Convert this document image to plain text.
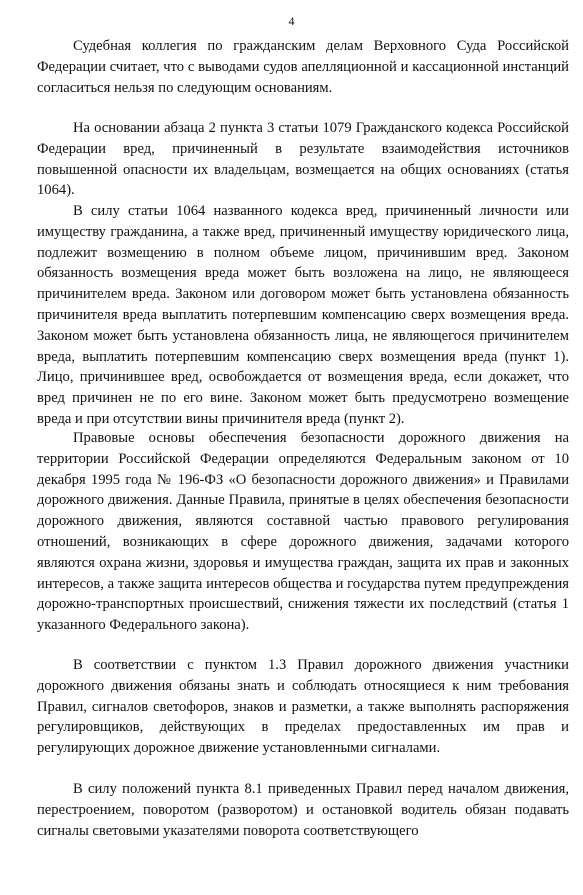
4

Судебная коллегия по гражданским делам Верховного Суда Российской Федерации считает, что с выводами судов апелляционной и кассационной инстанций согласиться нельзя по следующим основаниям.

На основании абзаца 2 пункта 3 статьи 1079 Гражданского кодекса Российской Федерации вред, причиненный в результате взаимодействия источников повышенной опасности их владельцам, возмещается на общих основаниях (статья 1064).

В силу статьи 1064 названного кодекса вред, причиненный личности или имуществу гражданина, а также вред, причиненный имуществу юридического лица, подлежит возмещению в полном объеме лицом, причинившим вред. Законом обязанность возмещения вреда может быть возложена на лицо, не являющееся причинителем вреда. Законом или договором может быть установлена обязанность причинителя вреда выплатить потерпевшим компенсацию сверх возмещения вреда. Законом может быть установлена обязанность лица, не являющегося причинителем вреда, выплатить потерпевшим компенсацию сверх возмещения вреда (пункт 1). Лицо, причинившее вред, освобождается от возмещения вреда, если докажет, что вред причинен не по его вине. Законом может быть предусмотрено возмещение вреда и при отсутствии вины причинителя вреда (пункт 2).

Правовые основы обеспечения безопасности дорожного движения на территории Российской Федерации определяются Федеральным законом от 10 декабря 1995 года № 196-ФЗ «О безопасности дорожного движения» и Правилами дорожного движения. Данные Правила, принятые в целях обеспечения безопасности дорожного движения, являются составной частью правового регулирования отношений, возникающих в сфере дорожного движения, задачами которого являются охрана жизни, здоровья и имущества граждан, защита их прав и законных интересов, а также защита интересов общества и государства путем предупреждения дорожно-транспортных происшествий, снижения тяжести их последствий (статья 1 указанного Федерального закона).

В соответствии с пунктом 1.3 Правил дорожного движения участники дорожного движения обязаны знать и соблюдать относящиеся к ним требования Правил, сигналов светофоров, знаков и разметки, а также выполнять распоряжения регулировщиков, действующих в пределах предоставленных им прав и регулирующих дорожное движение установленными сигналами.

В силу положений пункта 8.1 приведенных Правил перед началом движения, перестроением, поворотом (разворотом) и остановкой водитель обязан подавать сигналы световыми указателями поворота соответствующего
